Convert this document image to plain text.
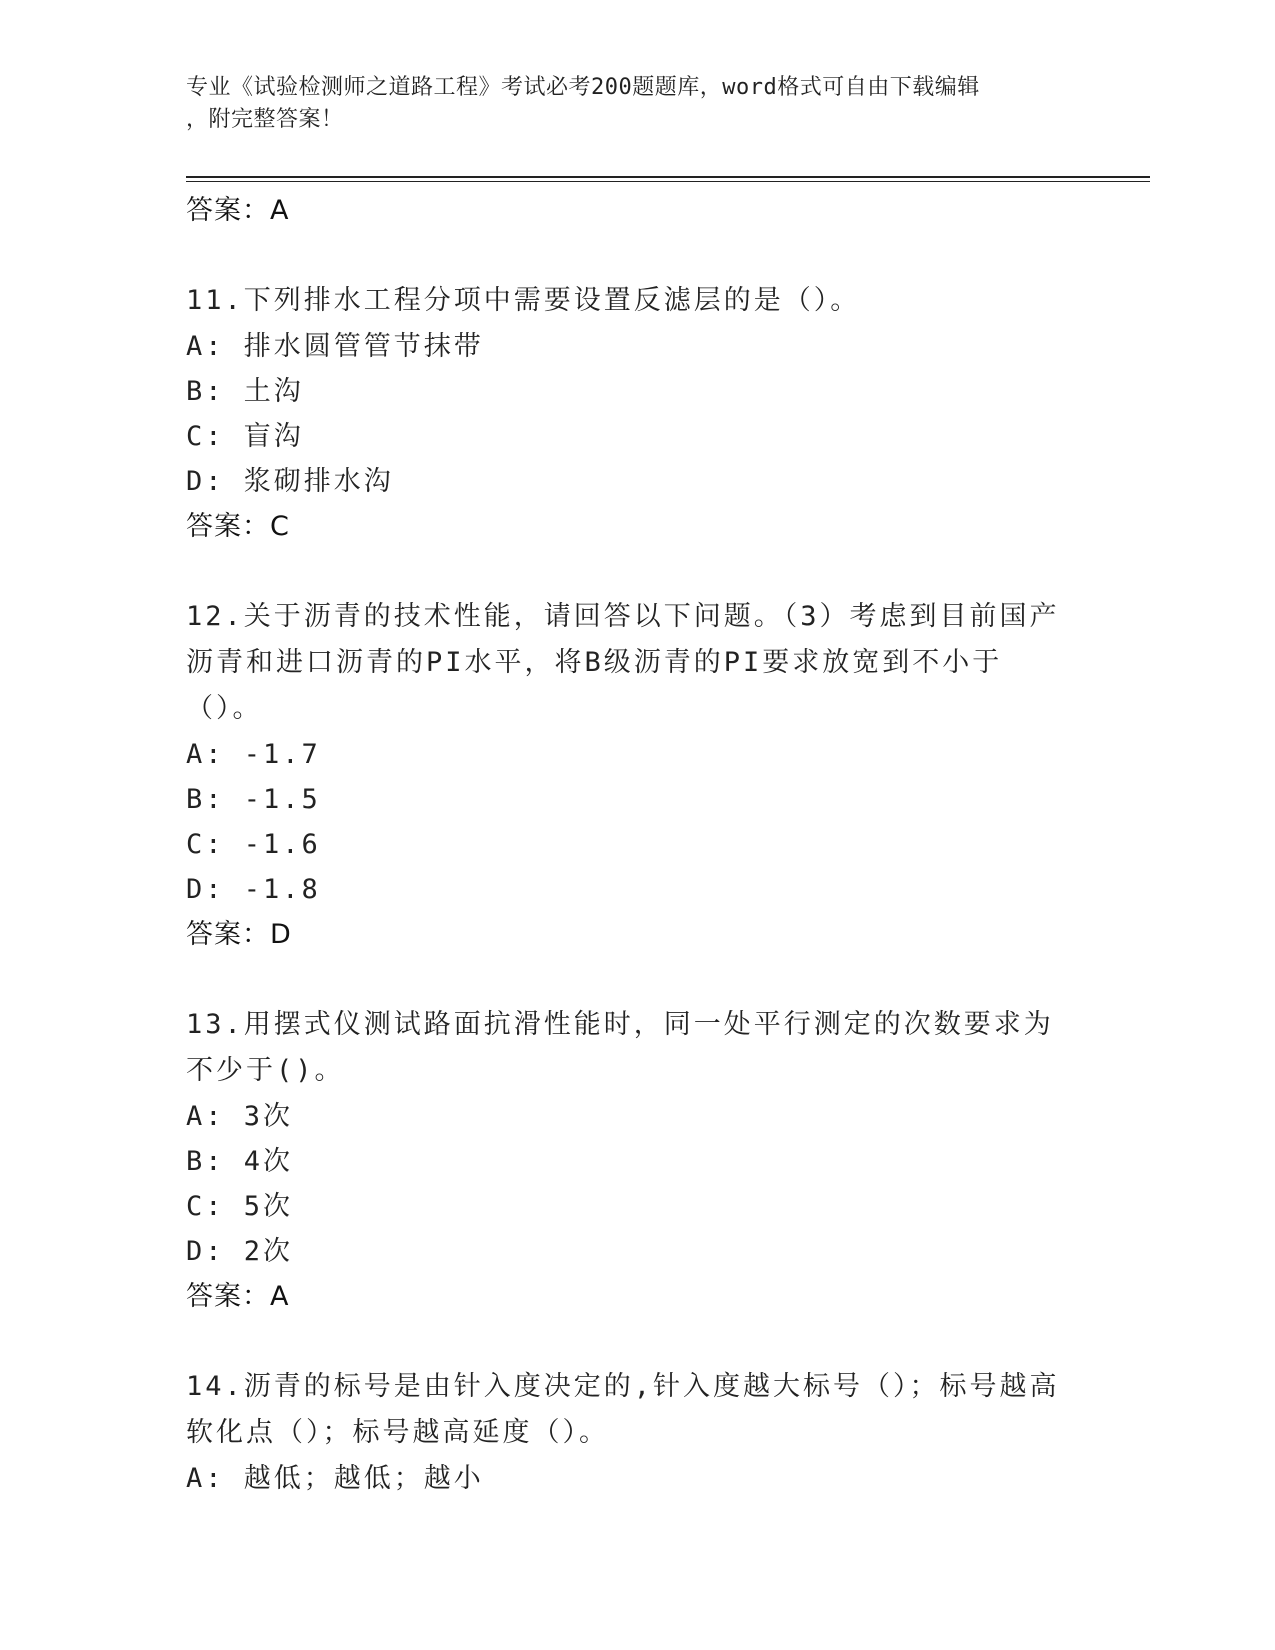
专业《试验检测师之道路工程》考试必考200题题库，word格式可自由下载编辑
，附完整答案！
答案：A
11.下列排水工程分项中需要设置反滤层的是（）。
A: 排水圆管管节抹带
B: 土沟
C: 盲沟
D: 浆砌排水沟
答案：C
12.关于沥青的技术性能，请回答以下问题。（3）考虑到目前国产沥青和进口沥青的PI水平，将B级沥青的PI要求放宽到不小于（）。
A: -1.7
B: -1.5
C: -1.6
D: -1.8
答案：D
13.用摆式仪测试路面抗滑性能时，同一处平行测定的次数要求为不少于()。
A: 3次
B: 4次
C: 5次
D: 2次
答案：A
14.沥青的标号是由针入度决定的,针入度越大标号（）；标号越高软化点（）；标号越高延度（）。
A: 越低；越低；越小
